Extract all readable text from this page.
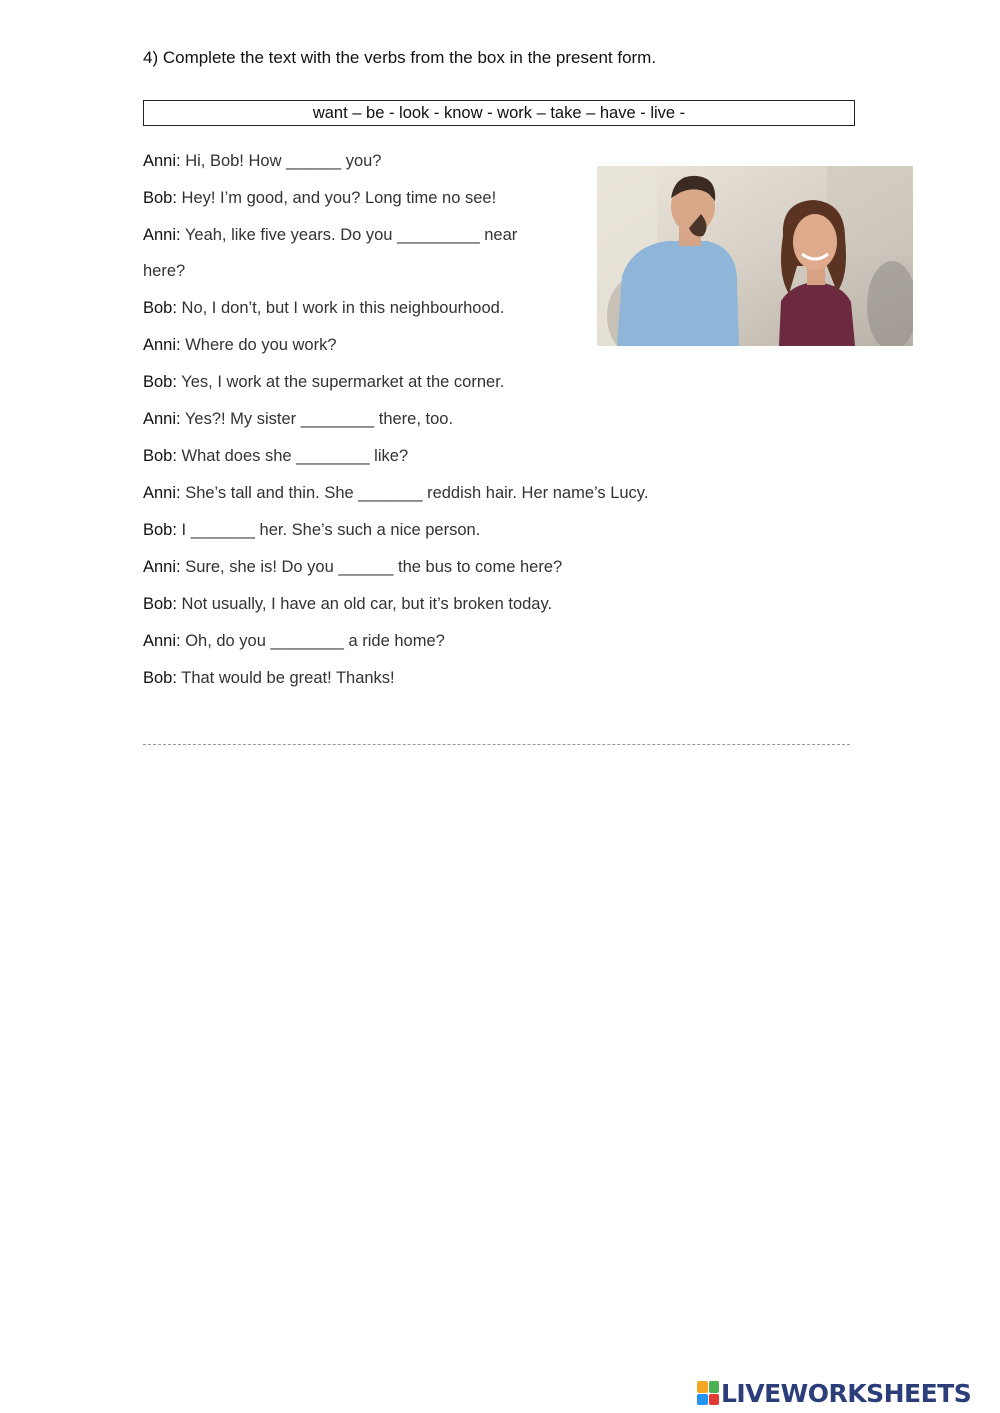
4) Complete the text with the verbs from the box in the present form.
want – be - look - know - work – take – have - live -
Anni: Hi, Bob! How ______ you?
Bob: Hey! I’m good, and you? Long time no see!
Anni: Yeah, like five years. Do you _________ near
here?
Bob: No, I don’t, but I work in this neighbourhood.
Anni: Where do you work?
Bob: Yes, I work at the supermarket at the corner.
Anni: Yes?! My sister ________ there, too.
Bob: What does she ________ like?
Anni: She’s tall and thin. She _______ reddish hair. Her name’s Lucy.
Bob: I _______ her. She’s such a nice person.
Anni: Sure, she is! Do you ______ the bus to come here?
Bob: Not usually, I have an old car, but it’s broken today.
Anni: Oh, do you ________ a ride home?
Bob: That would be great! Thanks!
LIVEWORKSHEETS
